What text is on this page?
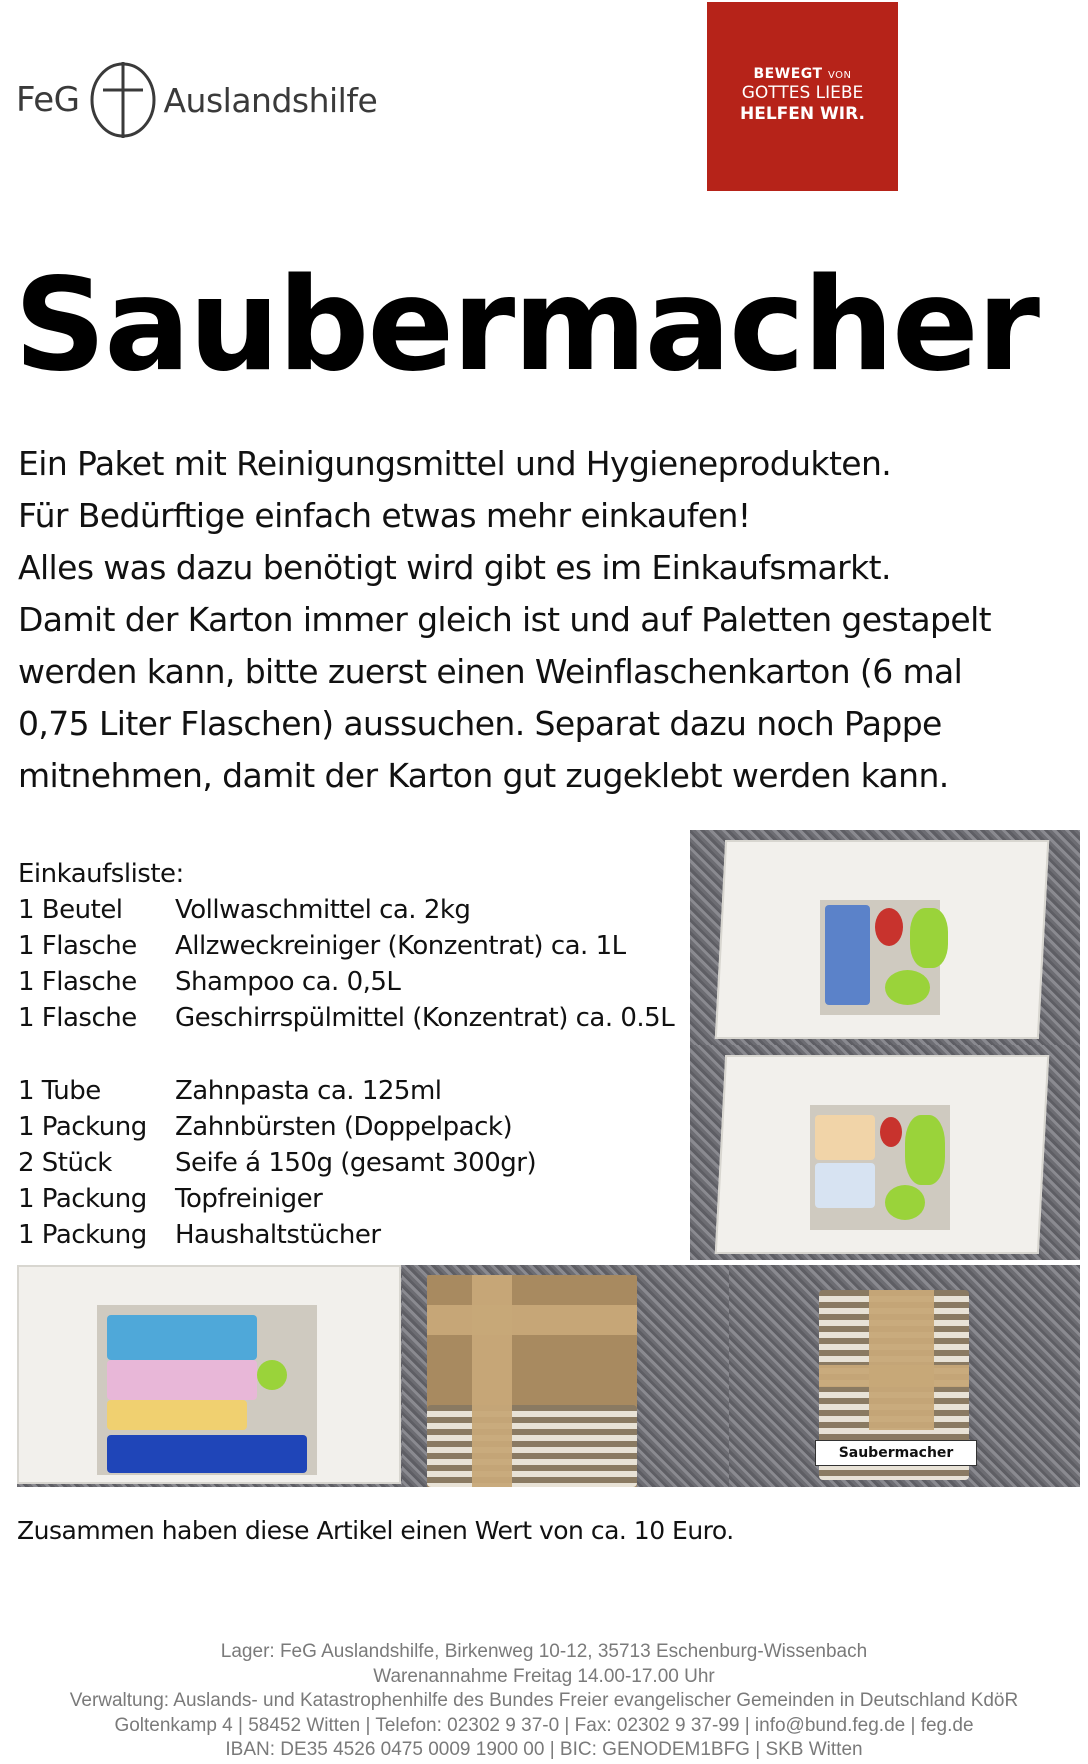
FeG	Auslandshilfe
BEWEGT VON
GOTTES LIEBE
HELFEN WIR.
Saubermacher

Ein Paket mit Reinigungsmittel und Hygieneprodukten.
Für Bedürftige einfach etwas mehr einkaufen!
Alles was dazu benötigt wird gibt es im Einkaufsmarkt.
Damit der Karton immer gleich ist und auf Paletten gestapelt
werden kann, bitte zuerst einen Weinflaschenkarton (6 mal
0,75 Liter Flaschen) aussuchen. Separat dazu noch Pappe
mitnehmen, damit der Karton gut zugeklebt werden kann.

Einkaufsliste:
1 Beutel	Vollwaschmittel ca. 2kg
1 Flasche	Allzweckreiniger (Konzentrat) ca. 1L
1 Flasche	Shampoo ca. 0,5L
1 Flasche	Geschirrspülmittel (Konzentrat) ca. 0.5L
1 Tube	Zahnpasta ca. 125ml
1 Packung	Zahnbürsten (Doppelpack)
2 Stück	Seife á 150g (gesamt 300gr)
1 Packung	Topfreiniger
1 Packung	Haushaltstücher
Saubermacher
Zusammen haben diese Artikel einen Wert von ca. 10 Euro.
Lager: FeG Auslandshilfe, Birkenweg 10-12, 35713 Eschenburg-Wissenbach
Warenannahme Freitag 14.00-17.00 Uhr
Verwaltung: Auslands- und Katastrophenhilfe des Bundes Freier evangelischer Gemeinden in Deutschland KdöR
Goltenkamp 4 | 58452 Witten | Telefon: 02302 9 37-0 | Fax: 02302 9 37-99 | info@bund.feg.de | feg.de
IBAN: DE35 4526 0475 0009 1900 00 | BIC: GENODEM1BFG | SKB Witten
